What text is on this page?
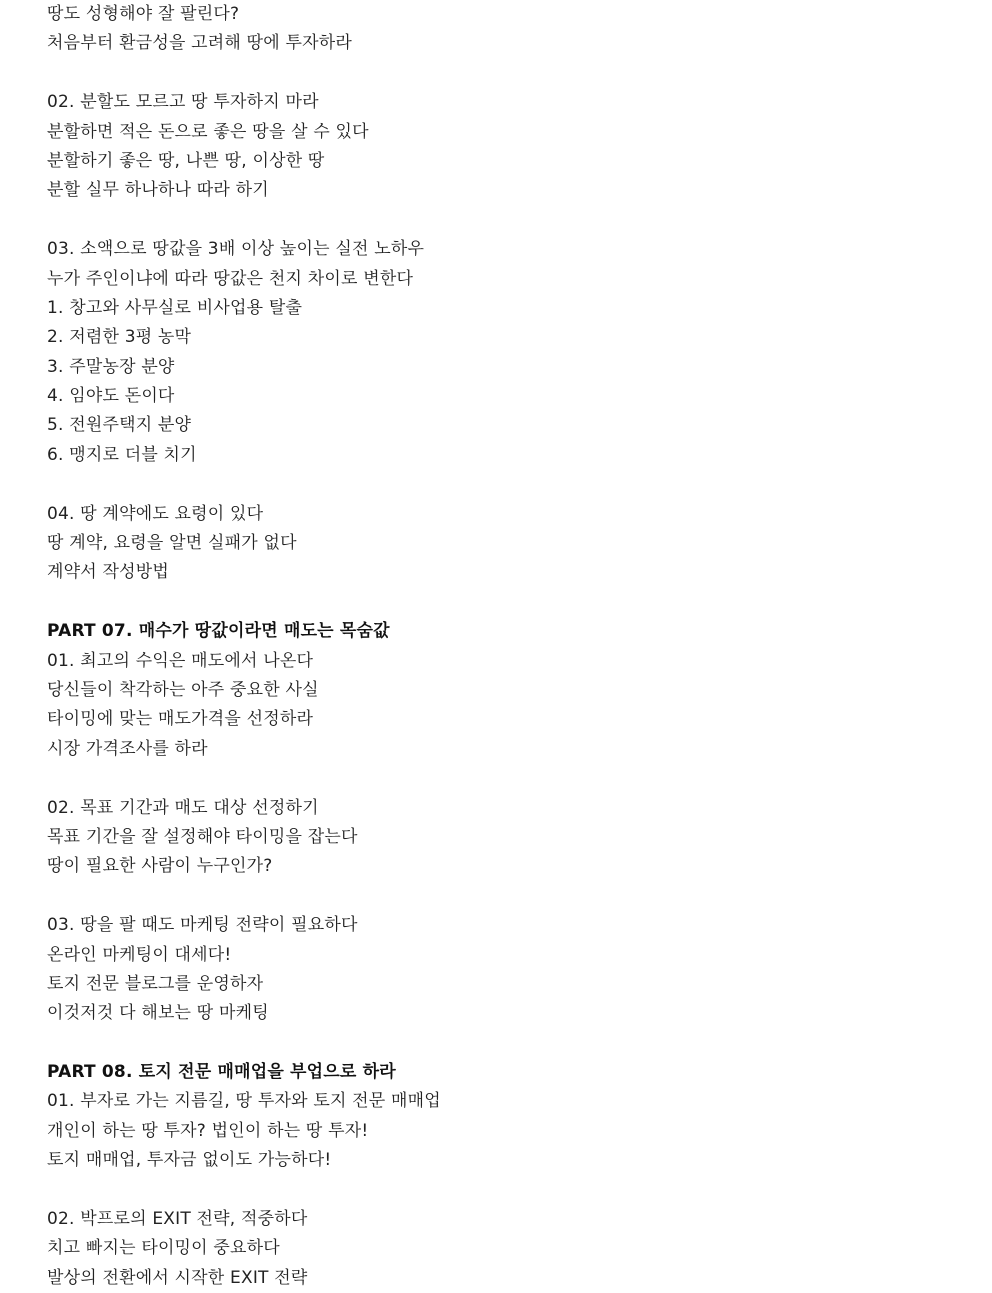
땅도 성형해야 잘 팔린다?
처음부터 환금성을 고려해 땅에 투자하라
02. 분할도 모르고 땅 투자하지 마라
분할하면 적은 돈으로 좋은 땅을 살 수 있다
분할하기 좋은 땅, 나쁜 땅, 이상한 땅
분할 실무 하나하나 따라 하기
03. 소액으로 땅값을 3배 이상 높이는 실전 노하우
누가 주인이냐에 따라 땅값은 천지 차이로 변한다
1. 창고와 사무실로 비사업용 탈출
2. 저렴한 3평 농막
3. 주말농장 분양
4. 임야도 돈이다
5. 전원주택지 분양
6. 맹지로 더블 치기
04. 땅 계약에도 요령이 있다
땅 계약, 요령을 알면 실패가 없다
계약서 작성방법
PART 07. 매수가 땅값이라면 매도는 목숨값
01. 최고의 수익은 매도에서 나온다
당신들이 착각하는 아주 중요한 사실
타이밍에 맞는 매도가격을 선정하라
시장 가격조사를 하라
02. 목표 기간과 매도 대상 선정하기
목표 기간을 잘 설정해야 타이밍을 잡는다
땅이 필요한 사람이 누구인가?
03. 땅을 팔 때도 마케팅 전략이 필요하다
온라인 마케팅이 대세다!
토지 전문 블로그를 운영하자
이것저것 다 해보는 땅 마케팅
PART 08. 토지 전문 매매업을 부업으로 하라
01. 부자로 가는 지름길, 땅 투자와 토지 전문 매매업
개인이 하는 땅 투자? 법인이 하는 땅 투자!
토지 매매업, 투자금 없이도 가능하다!
02. 박프로의 EXIT 전략, 적중하다
치고 빠지는 타이밍이 중요하다
발상의 전환에서 시작한 EXIT 전략
